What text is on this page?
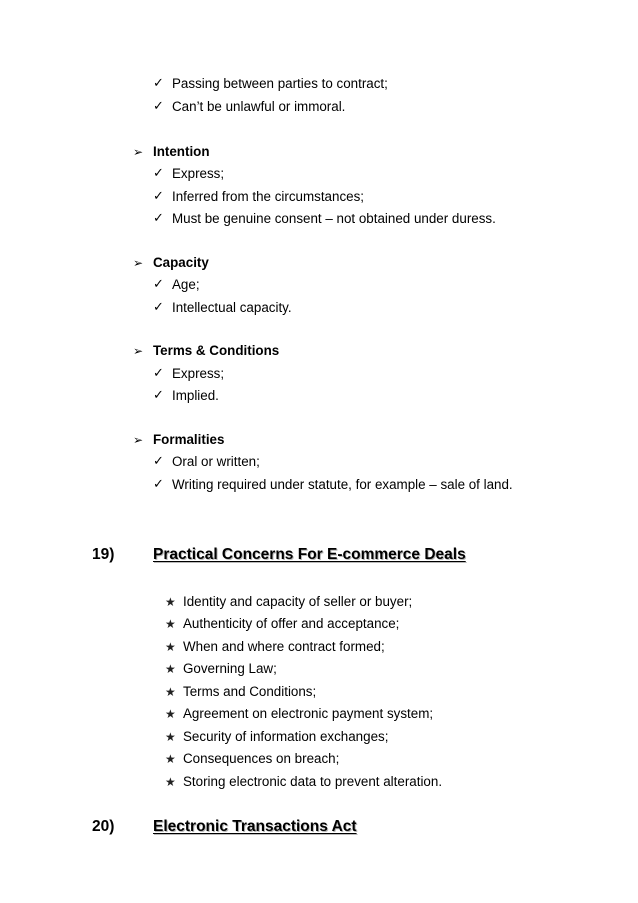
✓ Passing between parties to contract;
✓ Can’t be unlawful or immoral.
➢ Intention
✓ Express;
✓ Inferred from the circumstances;
✓ Must be genuine consent – not obtained under duress.
➢ Capacity
✓ Age;
✓ Intellectual capacity.
➢ Terms & Conditions
✓ Express;
✓ Implied.
➢ Formalities
✓ Oral or written;
✓ Writing required under statute, for example – sale of land.
19) Practical Concerns For E-commerce Deals
★ Identity and capacity of seller or buyer;
★ Authenticity of offer and acceptance;
★ When and where contract formed;
★ Governing Law;
★ Terms and Conditions;
★ Agreement on electronic payment system;
★ Security of information exchanges;
★ Consequences on breach;
★ Storing electronic data to prevent alteration.
20) Electronic Transactions Act
